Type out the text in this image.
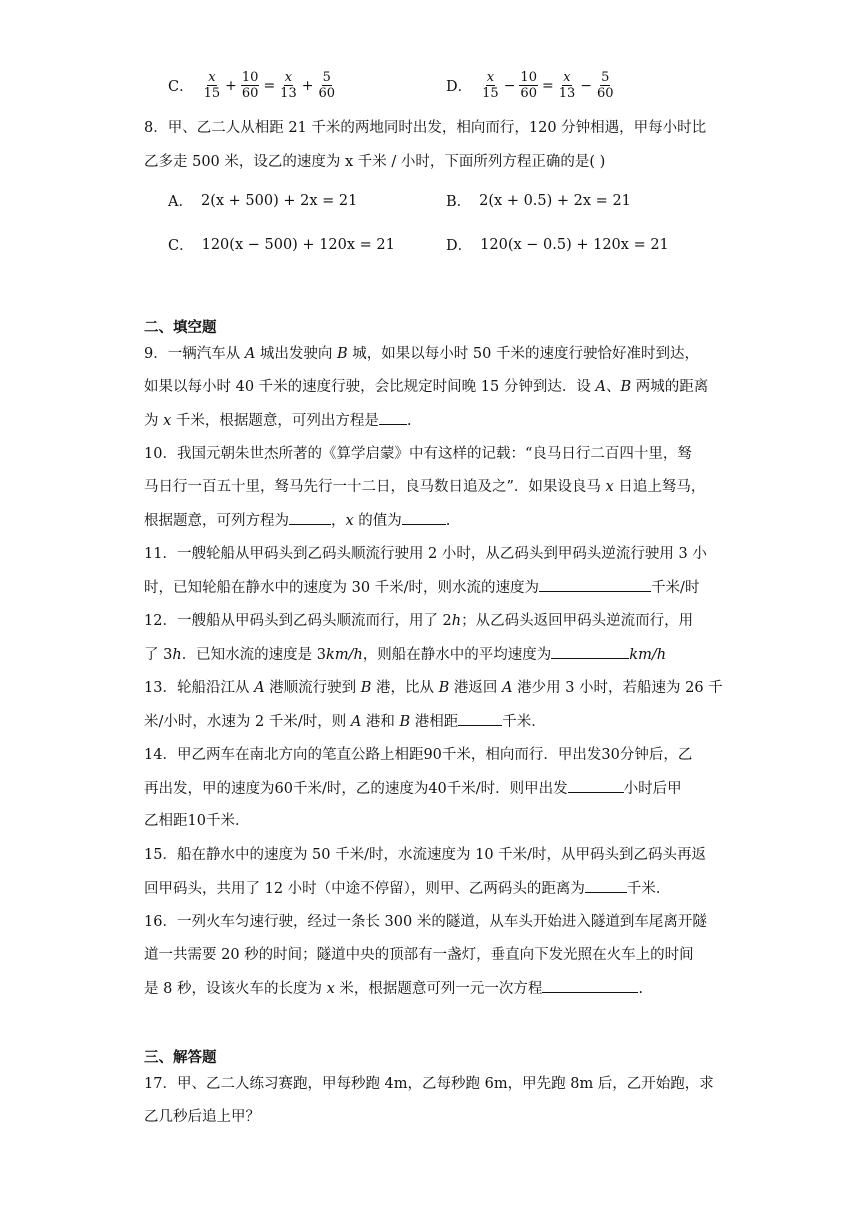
C． $\frac{x}{15} + \frac{10}{60} = \frac{x}{13} + \frac{5}{60}$	D． $\frac{x}{15} - \frac{10}{60} = \frac{x}{13} - \frac{5}{60}$
8．甲、乙二人从相距 21 千米的两地同时出发，相向而行，120 分钟相遇，甲每小时比
乙多走 500 米，设乙的速度为 x 千米 / 小时，下面所列方程正确的是( )
A． 2(x + 500) + 2x = 21	B． 2(x + 0.5) + 2x = 21
C． 120(x − 500) + 120x = 21	D． 120(x − 0.5) + 120x = 21
二、填空题
9．一辆汽车从 A 城出发驶向 B 城，如果以每小时 50 千米的速度行驶恰好准时到达，
如果以每小时 40 千米的速度行驶，会比规定时间晚 15 分钟到达．设 A、B 两城的距离
为 x 千米，根据题意，可列出方程是 .
10．我国元朝朱世杰所著的《算学启蒙》中有这样的记载：“良马日行二百四十里，驽
马日行一百五十里，驽马先行一十二日，良马数日追及之”．如果设良马 x 日追上驽马，
根据题意，可列方程为	，x 的值为	.
11．一艘轮船从甲码头到乙码头顺流行驶用 2 小时，从乙码头到甲码头逆流行驶用 3 小
时，已知轮船在静水中的速度为 30 千米/时，则水流的速度为	千米/时
12．一艘船从甲码头到乙码头顺流而行，用了 2h；从乙码头返回甲码头逆流而行，用
了 3h．已知水流的速度是 3km/h，则船在静水中的平均速度为	km/h
13．轮船沿江从 A 港顺流行驶到 B 港，比从 B 港返回 A 港少用 3 小时，若船速为 26 千
米/小时，水速为 2 千米/时，则 A 港和 B 港相距	千米．
14．甲乙两车在南北方向的笔直公路上相距90千米，相向而行．甲出发30分钟后，乙
再出发，甲的速度为60千米/时，乙的速度为40千米/时．则甲出发	小时后甲
乙相距10千米．
15．船在静水中的速度为 50 千米/时，水流速度为 10 千米/时，从甲码头到乙码头再返
回甲码头，共用了 12 小时（中途不停留），则甲、乙两码头的距离为	千米．
16．一列火车匀速行驶，经过一条长 300 米的隧道，从车头开始进入隧道到车尾离开隧
道一共需要 20 秒的时间；隧道中央的顶部有一盏灯，垂直向下发光照在火车上的时间
是 8 秒，设该火车的长度为 x 米，根据题意可列一元一次方程	.
三、解答题
17．甲、乙二人练习赛跑，甲每秒跑 4m，乙每秒跑 6m，甲先跑 8m 后，乙开始跑，求
乙几秒后追上甲？
